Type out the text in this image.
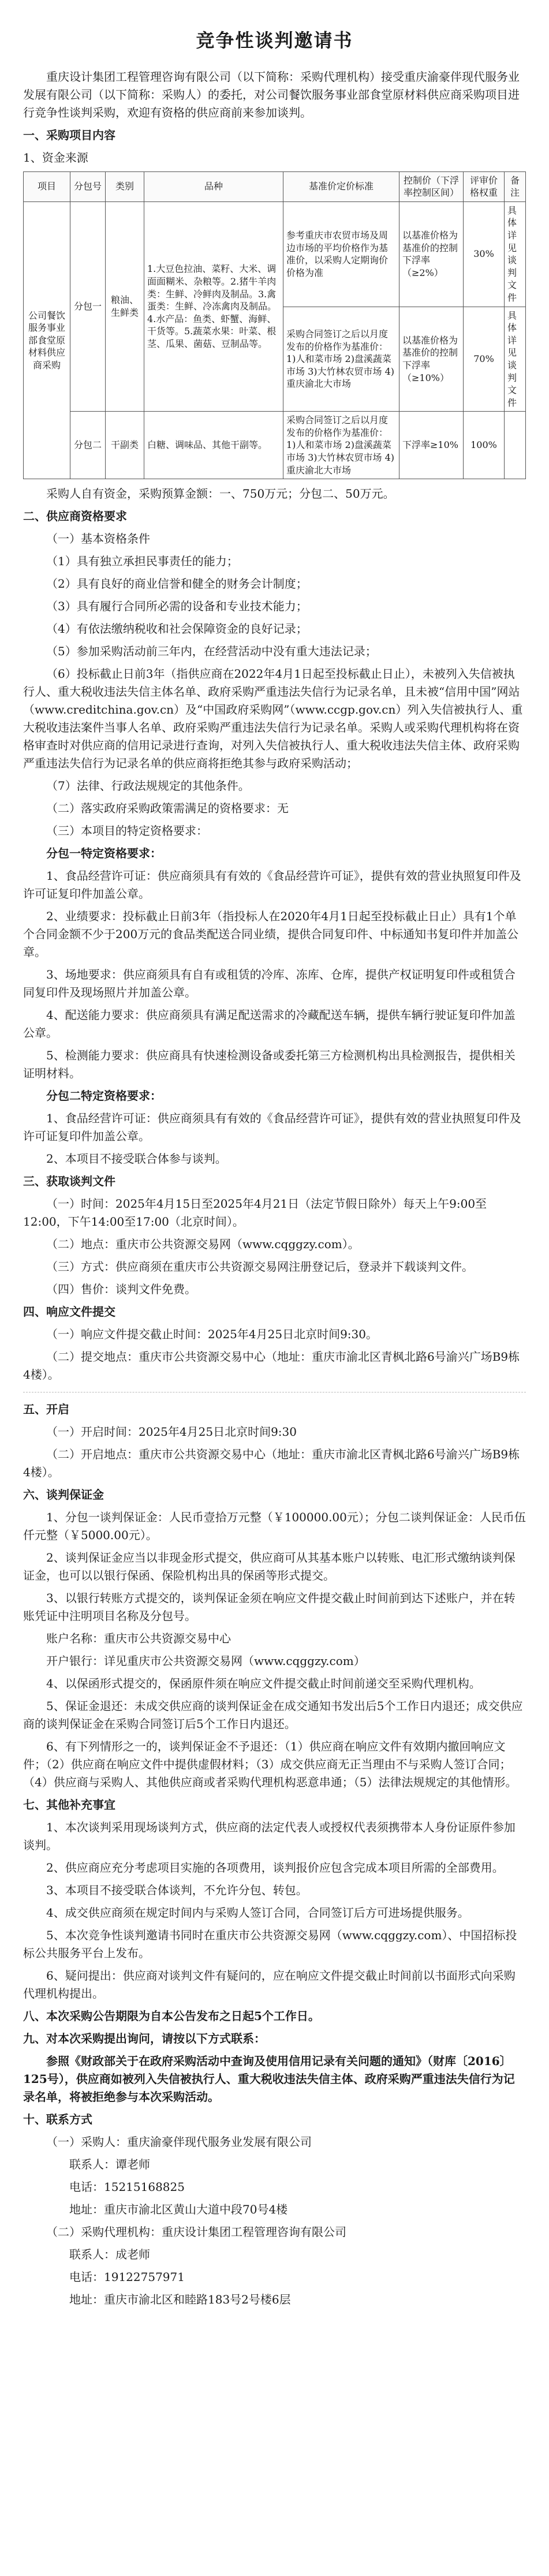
竞争性谈判邀请书

重庆设计集团工程管理咨询有限公司（以下简称：采购代理机构）接受重庆渝豪伴现代服务业发展有限公司（以下简称：采购人）的委托，对公司餐饮服务事业部食堂原材料供应商采购项目进行竞争性谈判采购，欢迎有资格的供应商前来参加谈判。

一、采购项目内容

1、资金来源

项目	分包号	类别	品种	基准价定价标准	控制价（下浮率控制区间）	评审价格权重	备注
公司餐饮服务事业部食堂原材料供应商采购	分包一	粮油、生鲜类	1.大豆色拉油、菜籽、大米、调面面糊米、杂粮等。2.猪牛羊肉类：生鲜、冷鲜肉及制品。3.禽蛋类：生鲜、冷冻禽肉及制品。4.水产品：鱼类、虾蟹、海鲜、干货等。5.蔬菜水果：叶菜、根茎、瓜果、菌菇、豆制品等。	参考重庆市农贸市场及周边市场的平均价格作为基准价，以采购人定期询价价格为准	以基准价格为基准价的控制下浮率（≥2%）	30%	具体详见谈判文件
				采购合同签订之后以月度发布的价格作为基准价：1)人和菜市场 2)盘溪蔬菜市场 3)大竹林农贸市场 4)重庆渝北大市场	以基准价格为基准价的控制下浮率（≥10%）	70%	具体详见谈判文件
	分包二	干副类	白糖、调味品、其他干副等。	采购合同签订之后以月度发布的价格作为基准价：1)人和菜市场 2)盘溪蔬菜市场 3)大竹林农贸市场 4)重庆渝北大市场	下浮率≥10%	100%	

采购人自有资金，采购预算金额：一、750万元；分包二、50万元。

二、供应商资格要求

（一）基本资格条件

（1）具有独立承担民事责任的能力；

（2）具有良好的商业信誉和健全的财务会计制度；

（3）具有履行合同所必需的设备和专业技术能力；

（4）有依法缴纳税收和社会保障资金的良好记录；

（5）参加采购活动前三年内，在经营活动中没有重大违法记录；

（6）投标截止日前3年（指供应商在2022年4月1日起至投标截止日止），未被列入失信被执行人、重大税收违法失信主体名单、政府采购严重违法失信行为记录名单，且未被“信用中国”网站（www.creditchina.gov.cn）及“中国政府采购网”（www.ccgp.gov.cn）列入失信被执行人、重大税收违法案件当事人名单、政府采购严重违法失信行为记录名单。采购人或采购代理机构将在资格审查时对供应商的信用记录进行查询，对列入失信被执行人、重大税收违法失信主体、政府采购严重违法失信行为记录名单的供应商将拒绝其参与政府采购活动；

（7）法律、行政法规规定的其他条件。

（二）落实政府采购政策需满足的资格要求：无

（三）本项目的特定资格要求：

分包一特定资格要求：

1、食品经营许可证：供应商须具有有效的《食品经营许可证》，提供有效的营业执照复印件及许可证复印件加盖公章。

2、业绩要求：投标截止日前3年（指投标人在2020年4月1日起至投标截止日止）具有1个单个合同金额不少于200万元的食品类配送合同业绩，提供合同复印件、中标通知书复印件并加盖公章。

3、场地要求：供应商须具有自有或租赁的冷库、冻库、仓库，提供产权证明复印件或租赁合同复印件及现场照片并加盖公章。

4、配送能力要求：供应商须具有满足配送需求的冷藏配送车辆，提供车辆行驶证复印件加盖公章。

5、检测能力要求：供应商具有快速检测设备或委托第三方检测机构出具检测报告，提供相关证明材料。

分包二特定资格要求：

1、食品经营许可证：供应商须具有有效的《食品经营许可证》，提供有效的营业执照复印件及许可证复印件加盖公章。

2、本项目不接受联合体参与谈判。

三、获取谈判文件

（一）时间：2025年4月15日至2025年4月21日（法定节假日除外）每天上午9:00至12:00，下午14:00至17:00（北京时间）。

（二）地点：重庆市公共资源交易网（www.cqggzy.com）。

（三）方式：供应商须在重庆市公共资源交易网注册登记后，登录并下载谈判文件。

（四）售价：谈判文件免费。

四、响应文件提交

（一）响应文件提交截止时间：2025年4月25日北京时间9:30。

（二）提交地点：重庆市公共资源交易中心（地址：重庆市渝北区青枫北路6号渝兴广场B9栋4楼）。

五、开启

（一）开启时间：2025年4月25日北京时间9:30

（二）开启地点：重庆市公共资源交易中心（地址：重庆市渝北区青枫北路6号渝兴广场B9栋4楼）。

六、谈判保证金

1、分包一谈判保证金：人民币壹拾万元整（￥100000.00元）；分包二谈判保证金：人民币伍仟元整（￥5000.00元）。

2、谈判保证金应当以非现金形式提交，供应商可从其基本账户以转账、电汇形式缴纳谈判保证金，也可以以银行保函、保险机构出具的保函等形式提交。

3、以银行转账方式提交的，谈判保证金须在响应文件提交截止时间前到达下述账户，并在转账凭证中注明项目名称及分包号。

账户名称：重庆市公共资源交易中心

开户银行：详见重庆市公共资源交易网（www.cqggzy.com）

4、以保函形式提交的，保函原件须在响应文件提交截止时间前递交至采购代理机构。

5、保证金退还：未成交供应商的谈判保证金在成交通知书发出后5个工作日内退还；成交供应商的谈判保证金在采购合同签订后5个工作日内退还。

6、有下列情形之一的，谈判保证金不予退还：（1）供应商在响应文件有效期内撤回响应文件；（2）供应商在响应文件中提供虚假材料；（3）成交供应商无正当理由不与采购人签订合同；（4）供应商与采购人、其他供应商或者采购代理机构恶意串通；（5）法律法规规定的其他情形。

七、其他补充事宜

1、本次谈判采用现场谈判方式，供应商的法定代表人或授权代表须携带本人身份证原件参加谈判。

2、供应商应充分考虑项目实施的各项费用，谈判报价应包含完成本项目所需的全部费用。

3、本项目不接受联合体谈判，不允许分包、转包。

4、成交供应商须在规定时间内与采购人签订合同，合同签订后方可进场提供服务。

5、本次竞争性谈判邀请书同时在重庆市公共资源交易网（www.cqggzy.com）、中国招标投标公共服务平台上发布。

6、疑问提出：供应商对谈判文件有疑问的，应在响应文件提交截止时间前以书面形式向采购代理机构提出。

八、本次采购公告期限为自本公告发布之日起5个工作日。

九、对本次采购提出询问，请按以下方式联系：

参照《财政部关于在政府采购活动中查询及使用信用记录有关问题的通知》（财库〔2016〕125号），供应商如被列入失信被执行人、重大税收违法失信主体、政府采购严重违法失信行为记录名单，将被拒绝参与本次采购活动。

十、联系方式

（一）采购人：重庆渝豪伴现代服务业发展有限公司

联系人：谭老师

电话：15215168825

地址：重庆市渝北区黄山大道中段70号4楼

（二）采购代理机构：重庆设计集团工程管理咨询有限公司

联系人：成老师

电话：19122757971

地址：重庆市渝北区和睦路183号2号楼6层
